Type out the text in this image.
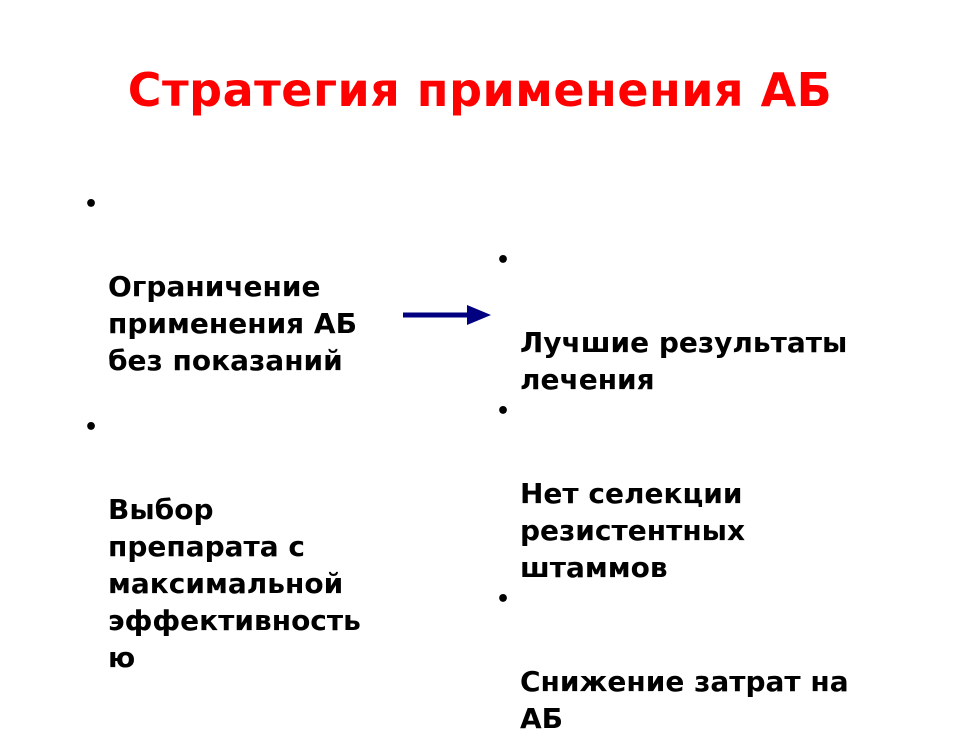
Стратегия применения АБ

•

Ограничение
применения АБ
без показаний

•

Выбор
препарата с
максимальной
эффективность
ю

•

Лучшие результаты
лечения

•

Нет селекции
резистентных
штаммов

•

Снижение затрат на
АБ
